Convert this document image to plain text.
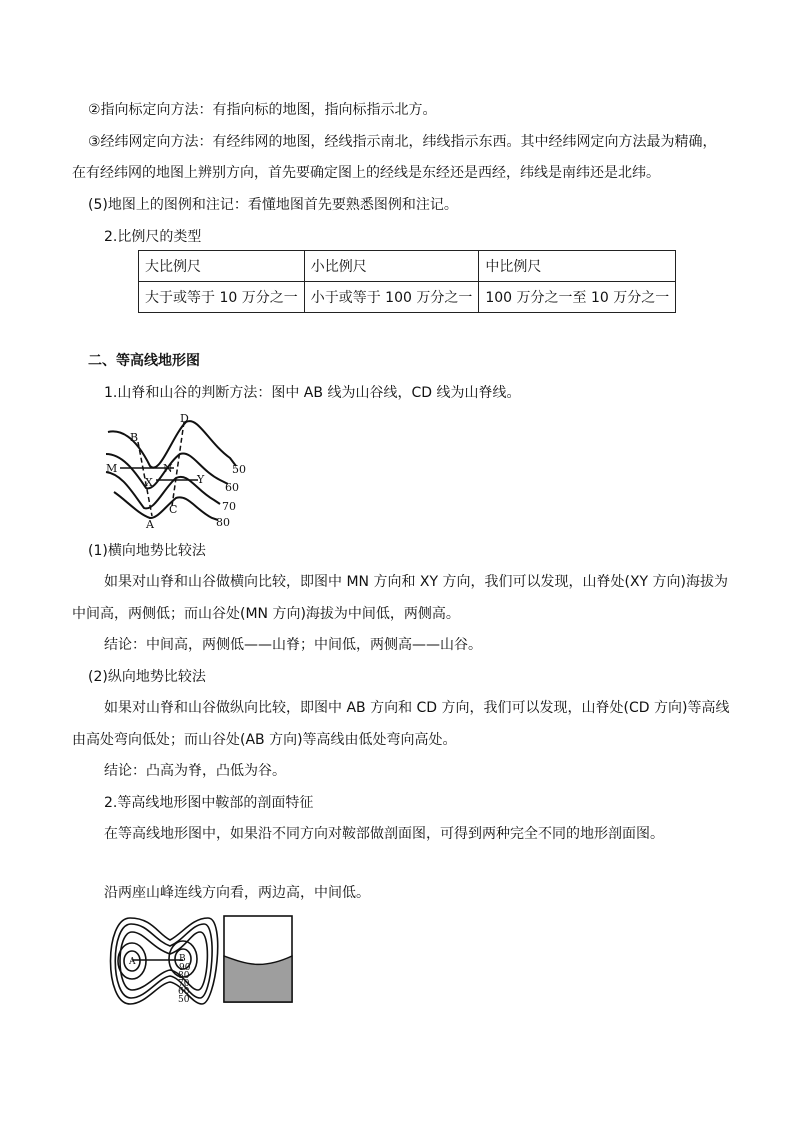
②指向标定向方法：有指向标的地图，指向标指示北方。
③经纬网定向方法：有经纬网的地图，经线指示南北，纬线指示东西。其中经纬网定向方法最为精确，
在有经纬网的地图上辨别方向，首先要确定图上的经线是东经还是西经，纬线是南纬还是北纬。
(5)地图上的图例和注记：看懂地图首先要熟悉图例和注记。
2.比例尺的类型
大比例尺	小比例尺	中比例尺
大于或等于 10 万分之一	小于或等于 100 万分之一	100 万分之一至 10 万分之一
二、等高线地形图
1.山脊和山谷的判断方法：图中 AB 线为山谷线，CD 线为山脊线。
B
D
M	N
X	Y
C
A
50
60
70
80
(1)横向地势比较法
如果对山脊和山谷做横向比较，即图中 MN 方向和 XY 方向，我们可以发现，山脊处(XY 方向)海拔为
中间高，两侧低；而山谷处(MN 方向)海拔为中间低，两侧高。
结论：中间高，两侧低——山脊；中间低，两侧高——山谷。
(2)纵向地势比较法
如果对山脊和山谷做纵向比较，即图中 AB 方向和 CD 方向，我们可以发现，山脊处(CD 方向)等高线
由高处弯向低处；而山谷处(AB 方向)等高线由低处弯向高处。
结论：凸高为脊，凸低为谷。
2.等高线地形图中鞍部的剖面特征
在等高线地形图中，如果沿不同方向对鞍部做剖面图，可得到两种完全不同的地形剖面图。
沿两座山峰连线方向看，两边高，中间低。
A	B
90
80
70
60
50
